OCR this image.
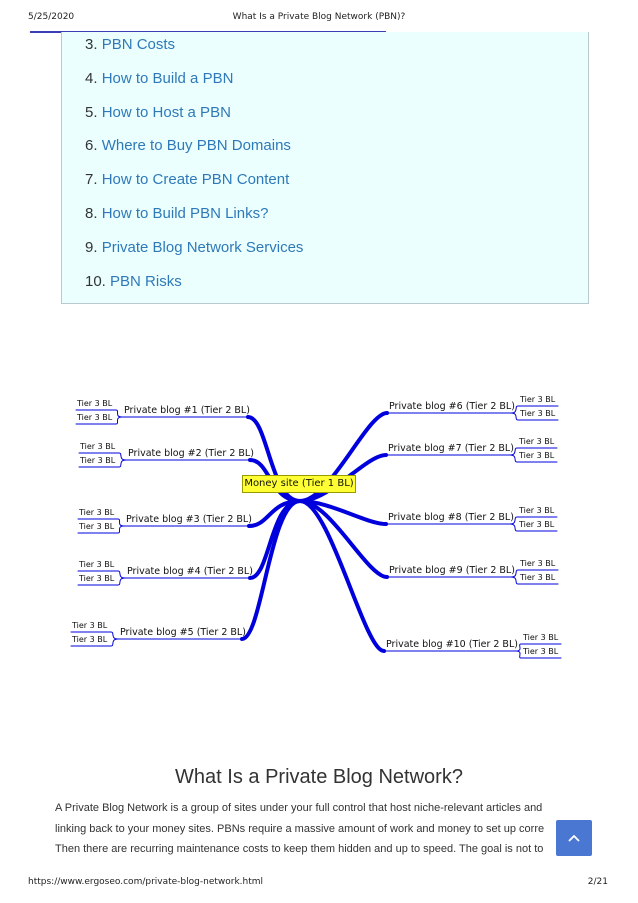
5/25/2020	What Is a Private Blog Network (PBN)?
3. PBN Costs
4. How to Build a PBN
5. How to Host a PBN
6. Where to Buy PBN Domains
7. How to Create PBN Content
8. How to Build PBN Links?
9. Private Blog Network Services
10. PBN Risks
Money site (Tier 1 BL)
Private blog #1 (Tier 2 BL)
Tier 3 BL
Tier 3 BL
Private blog #2 (Tier 2 BL)
Tier 3 BL
Tier 3 BL
Private blog #3 (Tier 2 BL)
Tier 3 BL
Tier 3 BL
Private blog #4 (Tier 2 BL)
Tier 3 BL
Tier 3 BL
Private blog #5 (Tier 2 BL)
Tier 3 BL
Tier 3 BL
Private blog #6 (Tier 2 BL)
Tier 3 BL
Tier 3 BL
Private blog #7 (Tier 2 BL)
Tier 3 BL
Tier 3 BL
Private blog #8 (Tier 2 BL)
Tier 3 BL
Tier 3 BL
Private blog #9 (Tier 2 BL)
Tier 3 BL
Tier 3 BL
Private blog #10 (Tier 2 BL)
Tier 3 BL
Tier 3 BL
What Is a Private Blog Network?

A Private Blog Network is a group of sites under your full control that host niche-relevant articles and
linking back to your money sites. PBNs require a massive amount of work and money to set up corre
Then there are recurring maintenance costs to keep them hidden and up to speed. The goal is not to

https://www.ergoseo.com/private-blog-network.html	2/21
